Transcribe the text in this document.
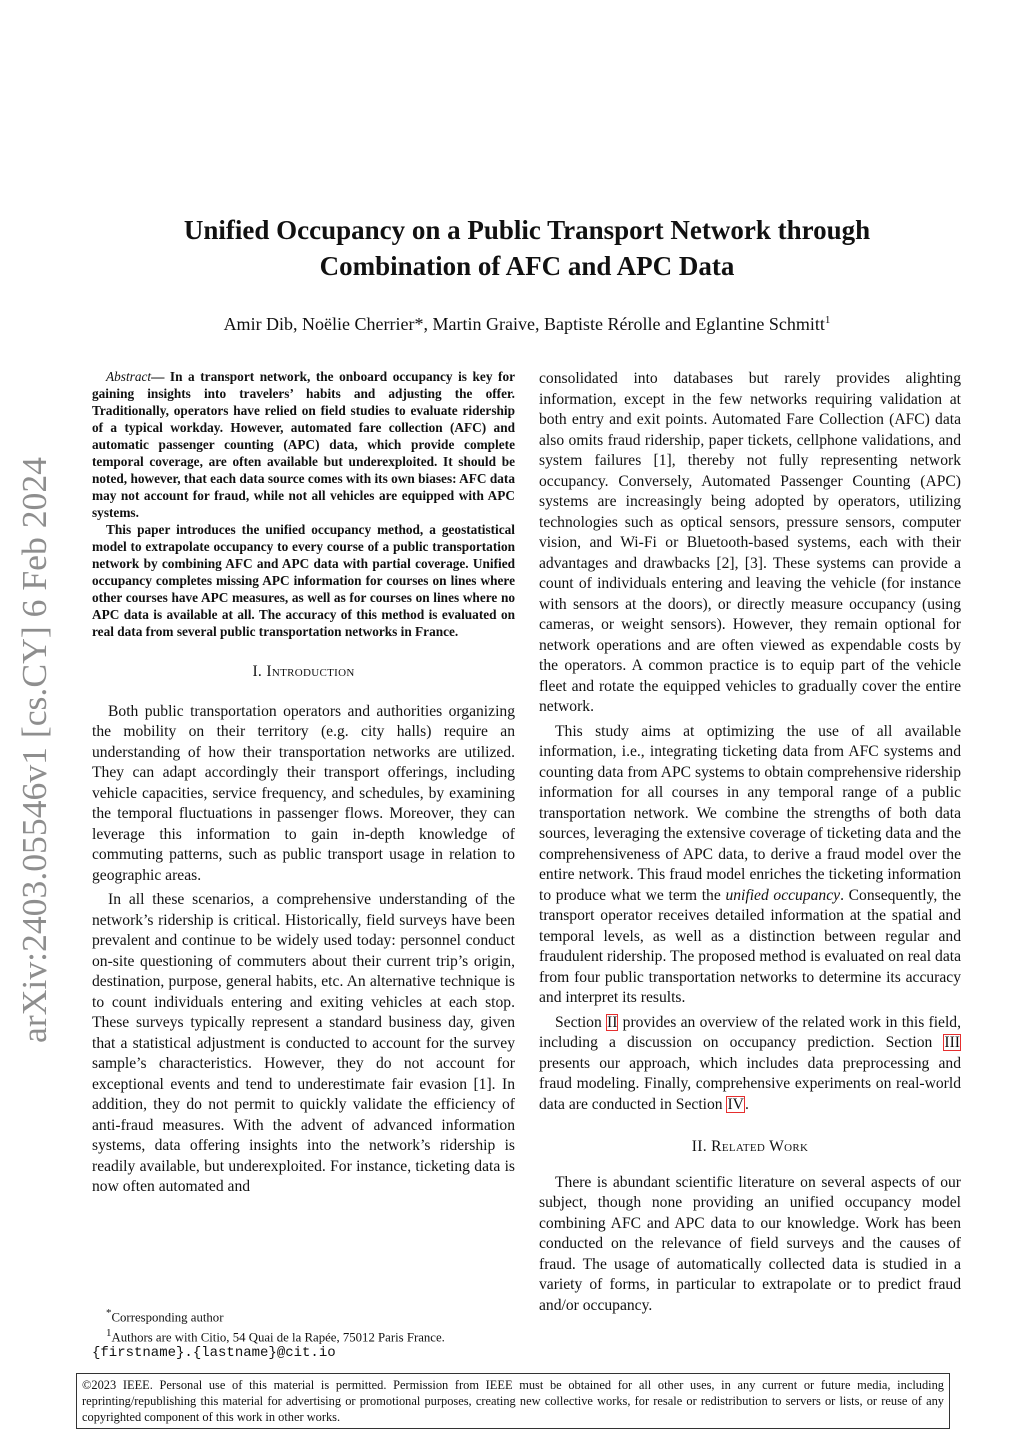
arXiv:2403.05546v1 [cs.CY] 6 Feb 2024
Unified Occupancy on a Public Transport Network through
Combination of AFC and APC Data

Amir Dib, Noëlie Cherrier*, Martin Graive, Baptiste Rérolle and Eglantine Schmitt$^1$

Abstract— In a transport network, the onboard occupancy is key for gaining insights into travelers’ habits and adjusting the offer. Traditionally, operators have relied on field studies to evaluate ridership of a typical workday. However, automated fare collection (AFC) and automatic passenger counting (APC) data, which provide complete temporal coverage, are often available but underexploited. It should be noted, however, that each data source comes with its own biases: AFC data may not account for fraud, while not all vehicles are equipped with APC systems.

This paper introduces the unified occupancy method, a geostatistical model to extrapolate occupancy to every course of a public transportation network by combining AFC and APC data with partial coverage. Unified occupancy completes missing APC information for courses on lines where other courses have APC measures, as well as for courses on lines where no APC data is available at all. The accuracy of this method is evaluated on real data from several public transportation networks in France.

I. Introduction

Both public transportation operators and authorities organizing the mobility on their territory (e.g. city halls) require an understanding of how their transportation networks are utilized. They can adapt accordingly their transport offerings, including vehicle capacities, service frequency, and schedules, by examining the temporal fluctuations in passenger flows. Moreover, they can leverage this information to gain in-depth knowledge of commuting patterns, such as public transport usage in relation to geographic areas.

In all these scenarios, a comprehensive understanding of the network’s ridership is critical. Historically, field surveys have been prevalent and continue to be widely used today: personnel conduct on-site questioning of commuters about their current trip’s origin, destination, purpose, general habits, etc. An alternative technique is to count individuals entering and exiting vehicles at each stop. These surveys typically represent a standard business day, given that a statistical adjustment is conducted to account for the survey sample’s characteristics. However, they do not account for exceptional events and tend to underestimate fair evasion [1]. In addition, they do not permit to quickly validate the efficiency of anti-fraud measures. With the advent of advanced information systems, data offering insights into the network’s ridership is readily available, but underexploited. For instance, ticketing data is now often automated and

consolidated into databases but rarely provides alighting information, except in the few networks requiring validation at both entry and exit points. Automated Fare Collection (AFC) data also omits fraud ridership, paper tickets, cellphone validations, and system failures [1], thereby not fully representing network occupancy. Conversely, Automated Passenger Counting (APC) systems are increasingly being adopted by operators, utilizing technologies such as optical sensors, pressure sensors, computer vision, and Wi-Fi or Bluetooth-based systems, each with their advantages and drawbacks [2], [3]. These systems can provide a count of individuals entering and leaving the vehicle (for instance with sensors at the doors), or directly measure occupancy (using cameras, or weight sensors). However, they remain optional for network operations and are often viewed as expendable costs by the operators. A common practice is to equip part of the vehicle fleet and rotate the equipped vehicles to gradually cover the entire network.

This study aims at optimizing the use of all available information, i.e., integrating ticketing data from AFC systems and counting data from APC systems to obtain comprehensive ridership information for all courses in any temporal range of a public transportation network. We combine the strengths of both data sources, leveraging the extensive coverage of ticketing data and the comprehensiveness of APC data, to derive a fraud model over the entire network. This fraud model enriches the ticketing information to produce what we term the unified occupancy. Consequently, the transport operator receives detailed information at the spatial and temporal levels, as well as a distinction between regular and fraudulent ridership. The proposed method is evaluated on real data from four public transportation networks to determine its accuracy and interpret its results.

Section II provides an overview of the related work in this field, including a discussion on occupancy prediction. Section III presents our approach, which includes data preprocessing and fraud modeling. Finally, comprehensive experiments on real-world data are conducted in Section IV.

II. Related Work

There is abundant scientific literature on several aspects of our subject, though none providing an unified occupancy model combining AFC and APC data to our knowledge. Work has been conducted on the relevance of field surveys and the causes of fraud. The usage of automatically collected data is studied in a variety of forms, in particular to extrapolate or to predict fraud and/or occupancy.

*Corresponding author

$^1$Authors are with Citio, 54 Quai de la Rapée, 75012 Paris France.

{firstname}.{lastname}@cit.io

©2023 IEEE. Personal use of this material is permitted. Permission from IEEE must be obtained for all other uses, in any current or future media, including reprinting/republishing this material for advertising or promotional purposes, creating new collective works, for resale or redistribution to servers or lists, or reuse of any copyrighted component of this work in other works.
